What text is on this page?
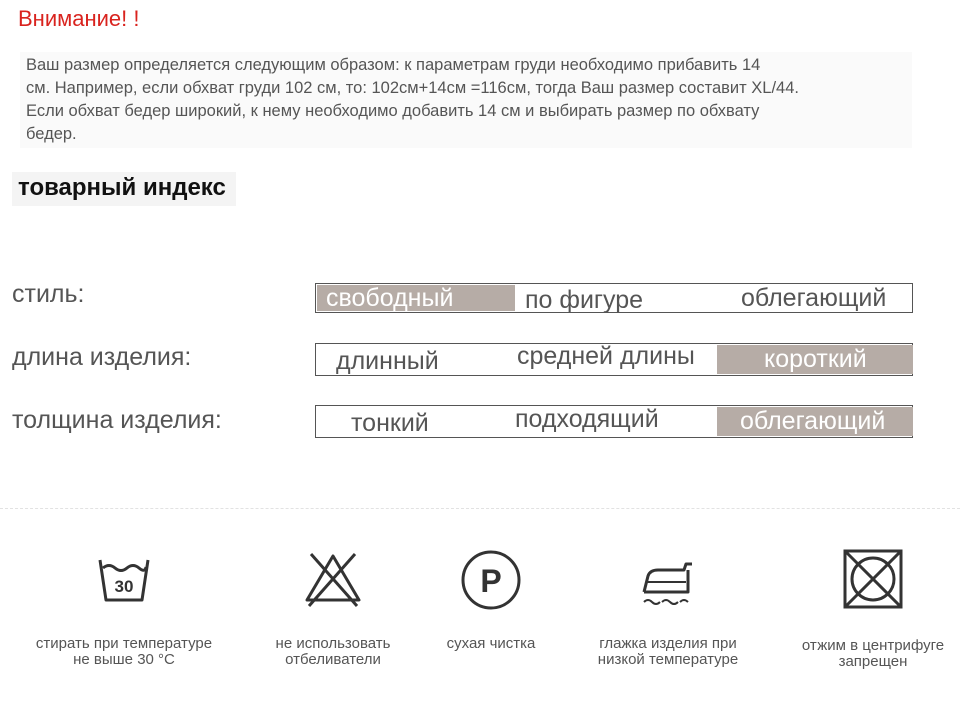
Внимание! !

Ваш размер определяется следующим образом: к параметрам груди необходимо прибавить 14

см. Например, если обхват груди 102 см, то: 102см+14см =116см, тогда Ваш размер составит XL/44.

Если обхват бедер широкий, к нему необходимо добавить 14 см и выбирать размер по обхвату

бедер.

товарный индекс
стиль:	свободный	по фигуре	облегающий
длина изделия:	длинный	средней длины	короткий
толщина изделия:	тонкий	подходящий	облегающий
30
стирать при температуре
не выше 30 °C
не использовать
отбеливатели
P
сухая чистка	глажка изделия при
низкой температуре
отжим в центрифуге
запрещен
